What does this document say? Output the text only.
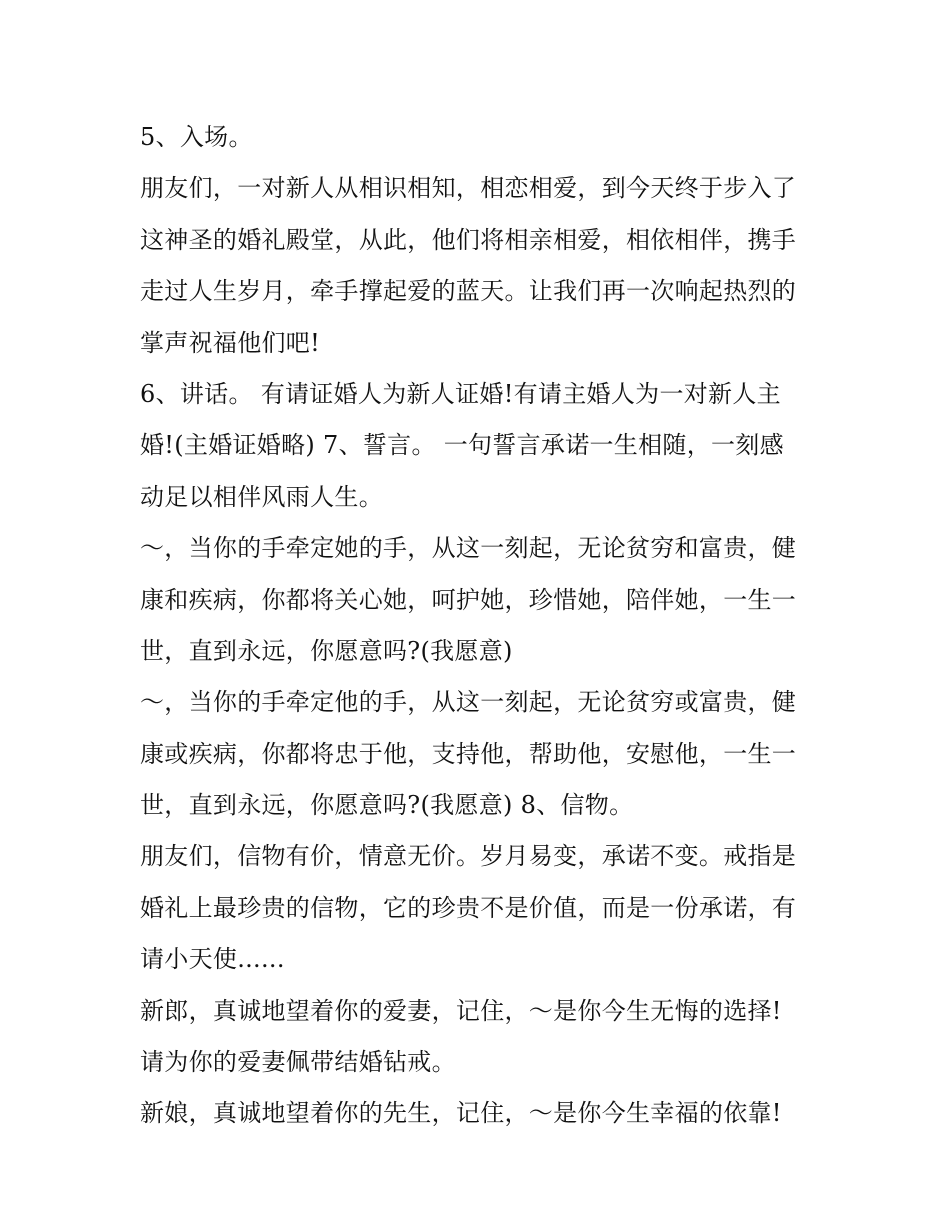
5、入场。
朋友们，一对新人从相识相知，相恋相爱，到今天终于步入了
这神圣的婚礼殿堂，从此，他们将相亲相爱，相依相伴，携手
走过人生岁月，牵手撑起爱的蓝天。让我们再一次响起热烈的
掌声祝福他们吧!
6、讲话。 有请证婚人为新人证婚!有请主婚人为一对新人主
婚!(主婚证婚略) 7、誓言。 一句誓言承诺一生相随，一刻感
动足以相伴风雨人生。
～，当你的手牵定她的手，从这一刻起，无论贫穷和富贵，健
康和疾病，你都将关心她，呵护她，珍惜她，陪伴她，一生一
世，直到永远，你愿意吗?(我愿意)
～，当你的手牵定他的手，从这一刻起，无论贫穷或富贵，健
康或疾病，你都将忠于他，支持他，帮助他，安慰他，一生一
世，直到永远，你愿意吗?(我愿意) 8、信物。
朋友们，信物有价，情意无价。岁月易变，承诺不变。戒指是
婚礼上最珍贵的信物，它的珍贵不是价值，而是一份承诺，有
请小天使......
新郎，真诚地望着你的爱妻，记住，～是你今生无悔的选择!
请为你的爱妻佩带结婚钻戒。
新娘，真诚地望着你的先生，记住，～是你今生幸福的依靠!
